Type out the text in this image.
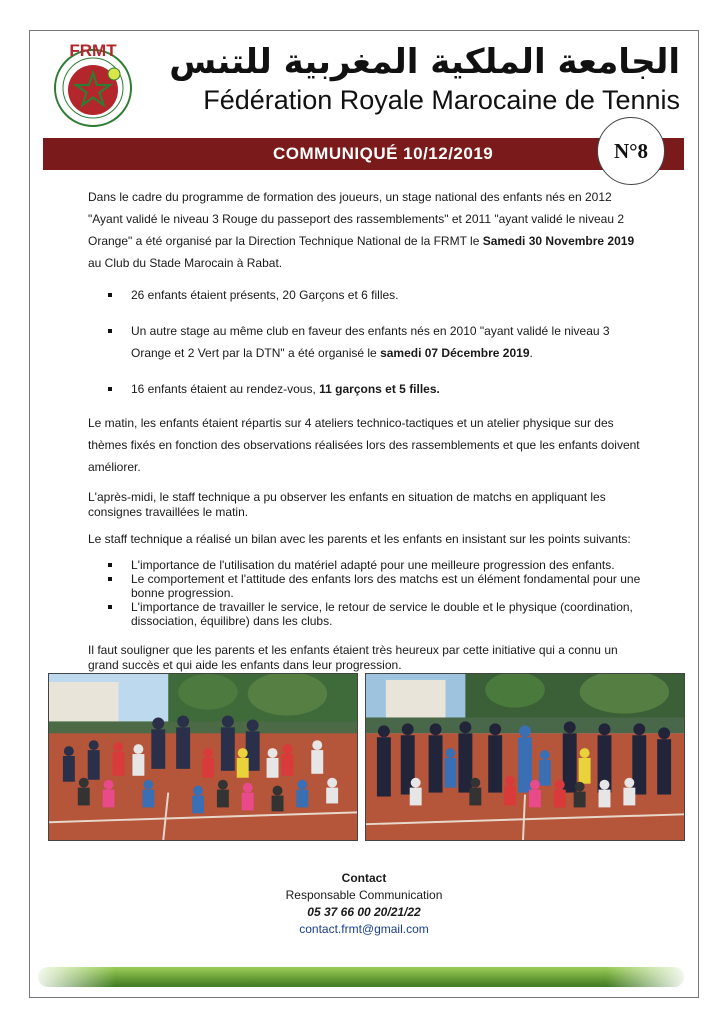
FRMT	الجامعة الملكية المغربية للتنس
Fédération Royale Marocaine de Tennis
COMMUNIQUÉ 10/12/2019	N°8

Dans le cadre du programme de formation des joueurs, un stage national des enfants nés en 2012 "Ayant validé le niveau 3 Rouge du passeport des rassemblements" et 2011 "ayant validé le niveau 2 Orange" a été organisé par la Direction Technique National de la FRMT le Samedi 30 Novembre 2019 au Club du Stade Marocain à Rabat.

26 enfants étaient présents, 20 Garçons et 6 filles.
Un autre stage au même club en faveur des enfants nés en 2010 "ayant validé le niveau 3 Orange et 2 Vert par la DTN" a été organisé le samedi 07 Décembre 2019.
16 enfants étaient au rendez-vous, 11 garçons et 5 filles.

Le matin, les enfants étaient répartis sur 4 ateliers technico-tactiques et un atelier physique sur des thèmes fixés en fonction des observations réalisées lors des rassemblements et que les enfants doivent améliorer.

L'après-midi, le staff technique a pu observer les enfants en situation de matchs en appliquant les consignes travaillées le matin.

Le staff technique a réalisé un bilan avec les parents et les enfants en insistant sur les points suivants:

L'importance de l'utilisation du matériel adapté pour une meilleure progression des enfants.
Le comportement et l'attitude des enfants lors des matchs est un élément fondamental pour une bonne progression.
L'importance de travailler le service, le retour de service le double et le physique (coordination, dissociation, équilibre) dans les clubs.

Il faut souligner que les parents et les enfants étaient très heureux par cette initiative qui a connu un grand succès et qui aide les enfants dans leur progression.

Contact
Responsable Communication
05 37 66 00 20/21/22
contact.frmt@gmail.com
